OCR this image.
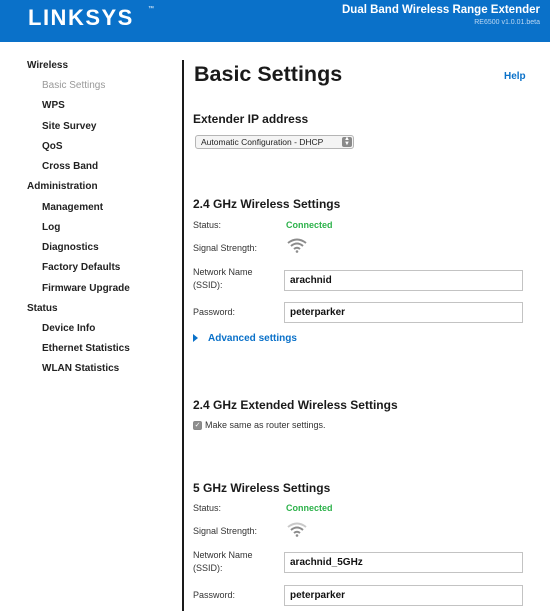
LINKSYS ™	Dual Band Wireless Range Extender
RE6500 v1.0.01.beta
Wireless
Basic Settings
WPS
Site Survey
QoS
Cross Band
Administration
Management
Log
Diagnostics
Factory Defaults
Firmware Upgrade
Status
Device Info
Ethernet Statistics
WLAN Statistics
Basic Settings	Help
Extender IP address
Automatic Configuration - DHCP	▲
▼
2.4 GHz Wireless Settings
Status:	Connected
Signal Strength:
Network Name
(SSID):	arachnid
Password:	peterparker
Advanced settings
2.4 GHz Extended Wireless Settings
✓ Make same as router settings.
5 GHz Wireless Settings
Status:	Connected
Signal Strength:
Network Name
(SSID):	arachnid_5GHz
Password:	peterparker
